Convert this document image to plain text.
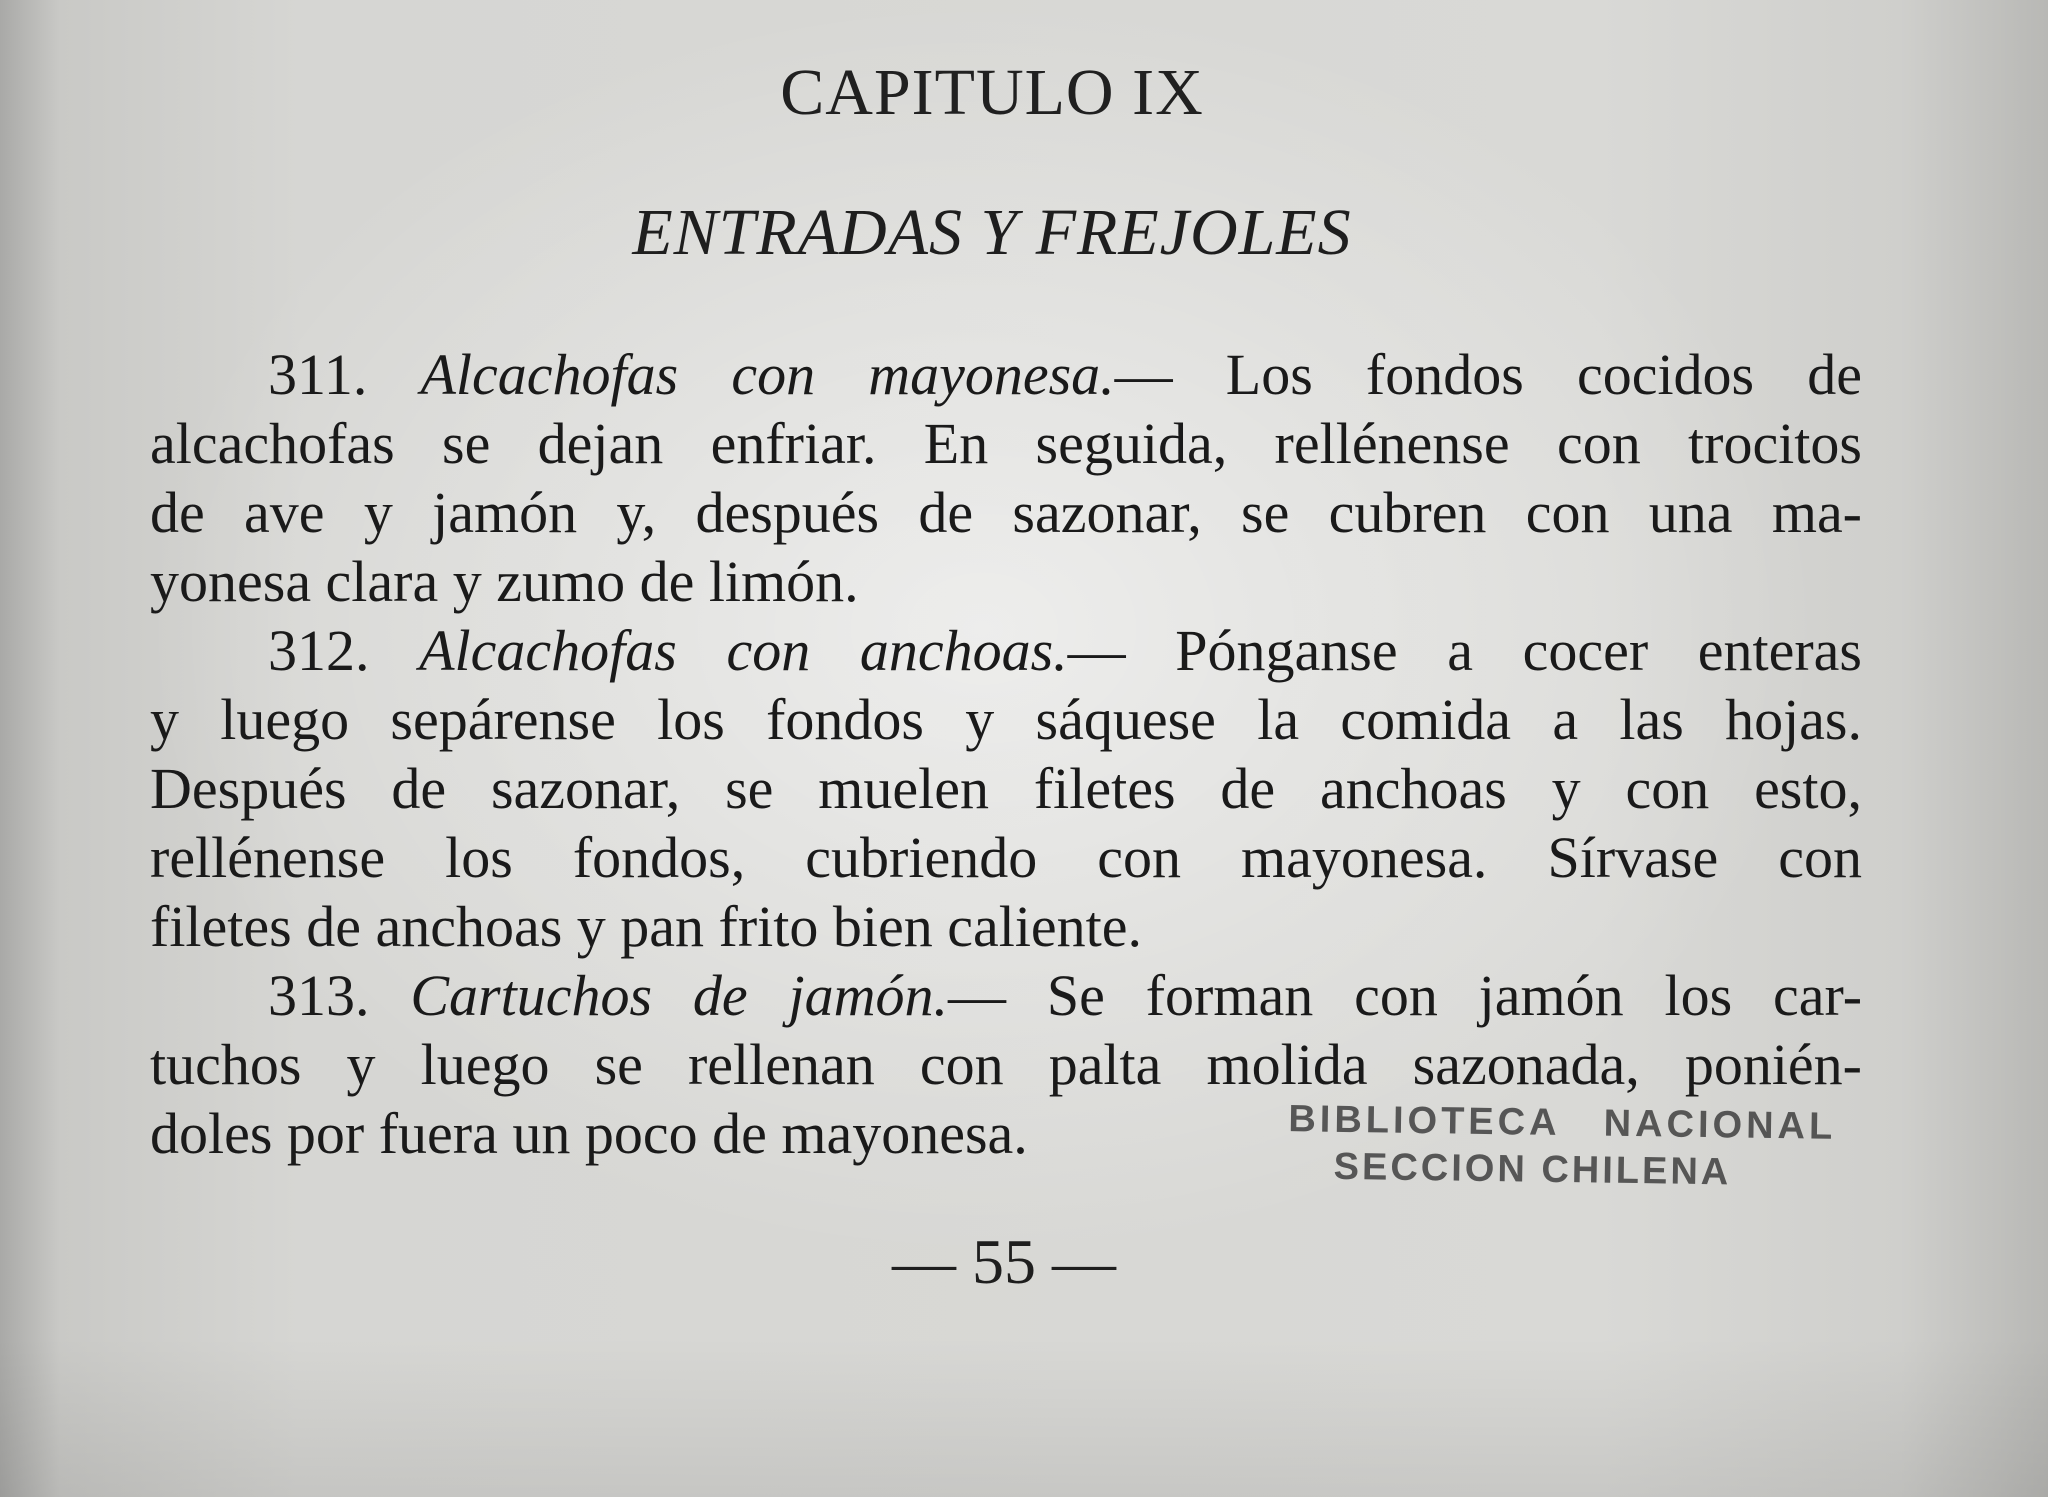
CAPITULO IX
ENTRADAS Y FREJOLES
311. Alcachofas con mayonesa.— Los fondos cocidos de
alcachofas se dejan enfriar. En seguida, rellénense con trocitos
de ave y jamón y, después de sazonar, se cubren con una ma-
yonesa clara y zumo de limón.
312. Alcachofas con anchoas.— Pónganse a cocer enteras
y luego sepárense los fondos y sáquese la comida a las hojas.
Después de sazonar, se muelen filetes de anchoas y con esto,
rellénense los fondos, cubriendo con mayonesa. Sírvase con
filetes de anchoas y pan frito bien caliente.
313. Cartuchos de jamón.— Se forman con jamón los car-
tuchos y luego se rellenan con palta molida sazonada, ponién-
doles por fuera un poco de mayonesa.	BIBLIOTECA NACIONAL
SECCION CHILENA
— 55 —
